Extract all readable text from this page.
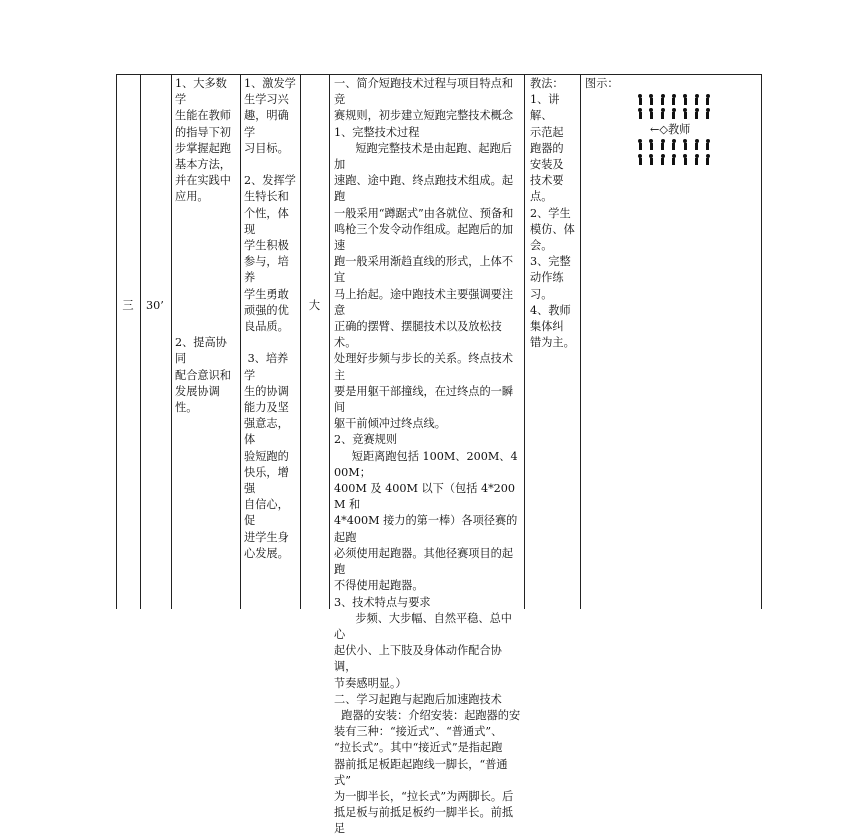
三	30’
1、大多数学
生能在教师
的指导下初
步掌握起跑
基本方法，
并在实践中
应用。

2、提高协同
配合意识和
发展协调
性。
1、激发学
生学习兴
趣，明确学
习目标。

2、发挥学
生特长和
个性，体现
学生积极
参与，培养
学生勇敢
顽强的优
良品质。

3、培养学
生的协调
能力及坚
强意志，体
验短跑的
快乐，增强
自信心，促
进学生身
心发展。
大
一、简介短跑技术过程与项目特点和竞
赛规则，初步建立短跑完整技术概念
1、完整技术过程
短跑完整技术是由起跑、起跑后加
速跑、途中跑、终点跑技术组成。起跑
一般采用“蹲踞式”由各就位、预备和
鸣枪三个发令动作组成。起跑后的加速
跑一般采用渐趋直线的形式，上体不宜
马上抬起。途中跑技术主要强调要注意
正确的摆臂、摆腿技术以及放松技术。
处理好步频与步长的关系。终点技术主
要是用躯干部撞线，在过终点的一瞬间
躯干前倾冲过终点线。
2、竞赛规则
短距离跑包括 100M、200M、400M；
400M 及 400M 以下（包括 4*200M 和
4*400M 接力的第一棒）各项径赛的起跑
必须使用起跑器。其他径赛项目的起跑
不得使用起跑器。
3、技术特点与要求
步频、大步幅、自然平稳、总中心
起伏小、上下肢及身体动作配合协调，
节奏感明显。）
二、学习起跑与起跑后加速跑技术
跑器的安装：介绍安装：起跑器的安
装有三种：“接近式”、“普通式”、
“拉长式”。其中“接近式”是指起跑
器前抵足板距起跑线一脚长，“普通式”
为一脚半长，“拉长式”为两脚长。后
抵足板与前抵足板约一脚半长。前抵足
教法：
1、讲解、
示范起
跑器的
安装及
技术要
点。
2、学生
模仿、体
会。
3、完整
动作练
习。
4、教师
集体纠
错为主。
图示：
←◇教师
